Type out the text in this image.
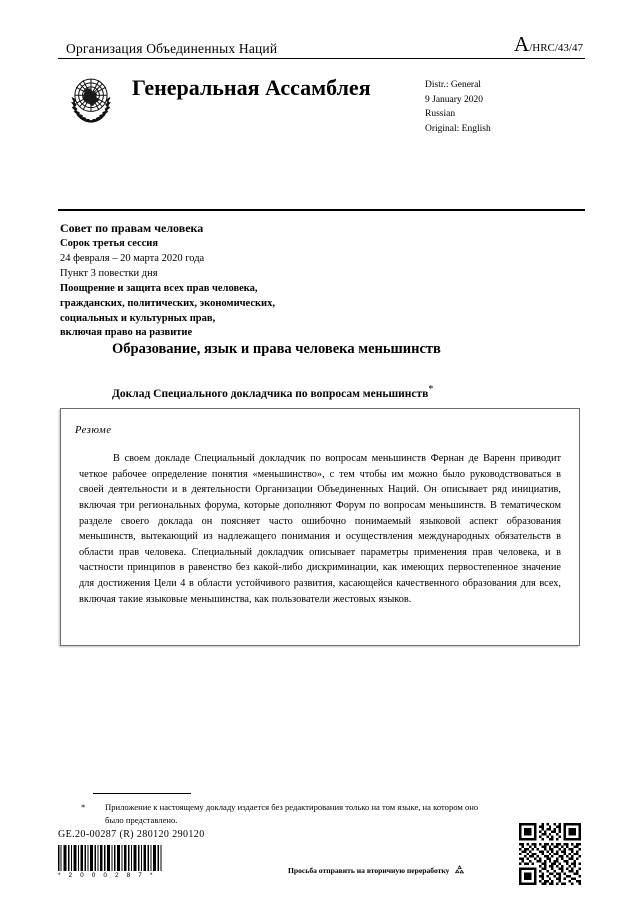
Организация Объединенных Наций	A/HRC/43/47
Генеральная Ассамблея	Distr.: General
9 January 2020
Russian
Original: English
Совет по правам человека
Сорок третья сессия
24 февраля – 20 марта 2020 года
Пункт 3 повестки дня
Поощрение и защита всех прав человека,
гражданских, политических, экономических,
социальных и культурных прав,
включая право на развитие
Образование, язык и права человека меньшинств
Доклад Специального докладчика по вопросам меньшинств*
Резюме
В своем докладе Специальный докладчик по вопросам меньшинств Фернан де Варенн приводит четкое рабочее определение понятия «меньшинство», с тем чтобы им можно было руководствоваться в своей деятельности и в деятельности Организации Объединенных Наций. Он описывает ряд инициатив, включая три региональных форума, которые дополняют Форум по вопросам меньшинств. В тематическом разделе своего доклада он поясняет часто ошибочно понимаемый языковой аспект образования меньшинств, вытекающий из надлежащего понимания и осуществления международных обязательств в области прав человека. Специальный докладчик описывает параметры применения прав человека, и в частности принципов в равенство без какой-либо дискриминации, как имеющих первостепенное значение для достижения Цели 4 в области устойчивого развития, касающейся качественного образования для всех, включая такие языковые меньшинства, как пользователи жестовых языков.
* Приложение к настоящему докладу издается без редактирования только на том языке, на котором оно было представлено.
GE.20-00287 (R) 280120 290120
* 2 0 0 0 2 8 7 *
Просьба отправить на вторичную переработку
